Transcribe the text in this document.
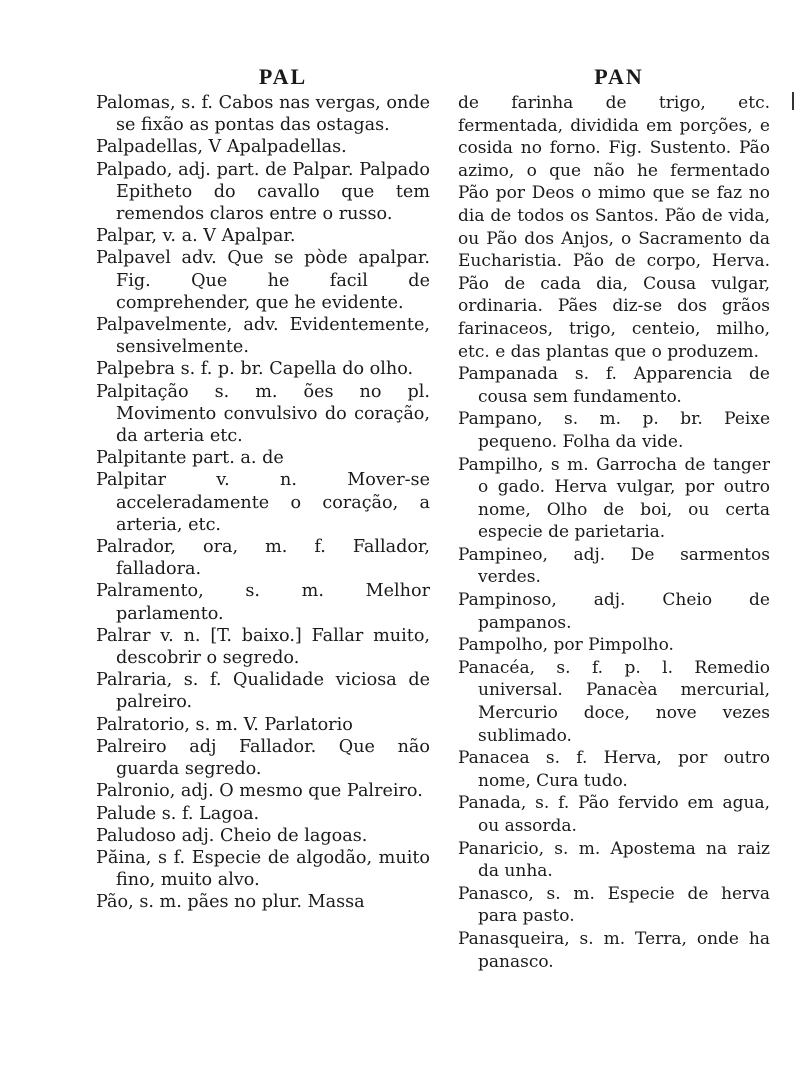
PAL
Palomas, s. f. Cabos nas vergas, onde se fixão as pontas das ostagas.
Palpadellas, V Apalpadellas.
Palpado, adj. part. de Palpar. Palpado Epitheto do cavallo que tem remendos claros entre o russo.
Palpar, v. a. V Apalpar.
Palpavel adv. Que se pòde apalpar. Fig. Que he facil de comprehender, que he evidente.
Palpavelmente, adv. Evidentemente, sensivelmente.
Palpebra s. f. p. br. Capella do olho.
Palpitação s. m. ões no pl. Movimento convulsivo do coração, da arteria etc.
Palpitante part. a. de
Palpitar v. n. Mover-se acceleradamente o coração, a arteria, etc.
Palrador, ora, m. f. Fallador, falladora.
Palramento, s. m. Melhor parlamento.
Palrar v. n. [T. baixo.] Fallar muito, descobrir o segredo.
Palraria, s. f. Qualidade viciosa de palreiro.
Palratorio, s. m. V. Parlatorio
Palreiro adj Fallador. Que não guarda segredo.
Palronio, adj. O mesmo que Palreiro.
Palude s. f. Lagoa.
Paludoso adj. Cheio de lagoas.
Păina, s f. Especie de algodão, muito fino, muito alvo.
Pão, s. m. pães no plur. Massa
PAN
de farinha de trigo, etc. fermentada, dividida em porções, e cosida no forno. Fig. Sustento. Pão azimo, o que não he fermentado Pão por Deos o mimo que se faz no dia de todos os Santos. Pão de vida, ou Pão dos Anjos, o Sacramento da Eucharistia. Pão de corpo, Herva. Pão de cada dia, Cousa vulgar, ordinaria. Pães diz-se dos grãos farinaceos, trigo, centeio, milho, etc. e das plantas que o produzem.
Pampanada s. f. Apparencia de cousa sem fundamento.
Pampano, s. m. p. br. Peixe pequeno. Folha da vide.
Pampilho, s m. Garrocha de tanger o gado. Herva vulgar, por outro nome, Olho de boi, ou certa especie de parietaria.
Pampineo, adj. De sarmentos verdes.
Pampinoso, adj. Cheio de pampanos.
Pampolho, por Pimpolho.
Panacéa, s. f. p. l. Remedio universal. Panacèa mercurial, Mercurio doce, nove vezes sublimado.
Panacea s. f. Herva, por outro nome, Cura tudo.
Panada, s. f. Pão fervido em agua, ou assorda.
Panaricio, s. m. Apostema na raiz da unha.
Panasco, s. m. Especie de herva para pasto.
Panasqueira, s. m. Terra, onde ha panasco.
